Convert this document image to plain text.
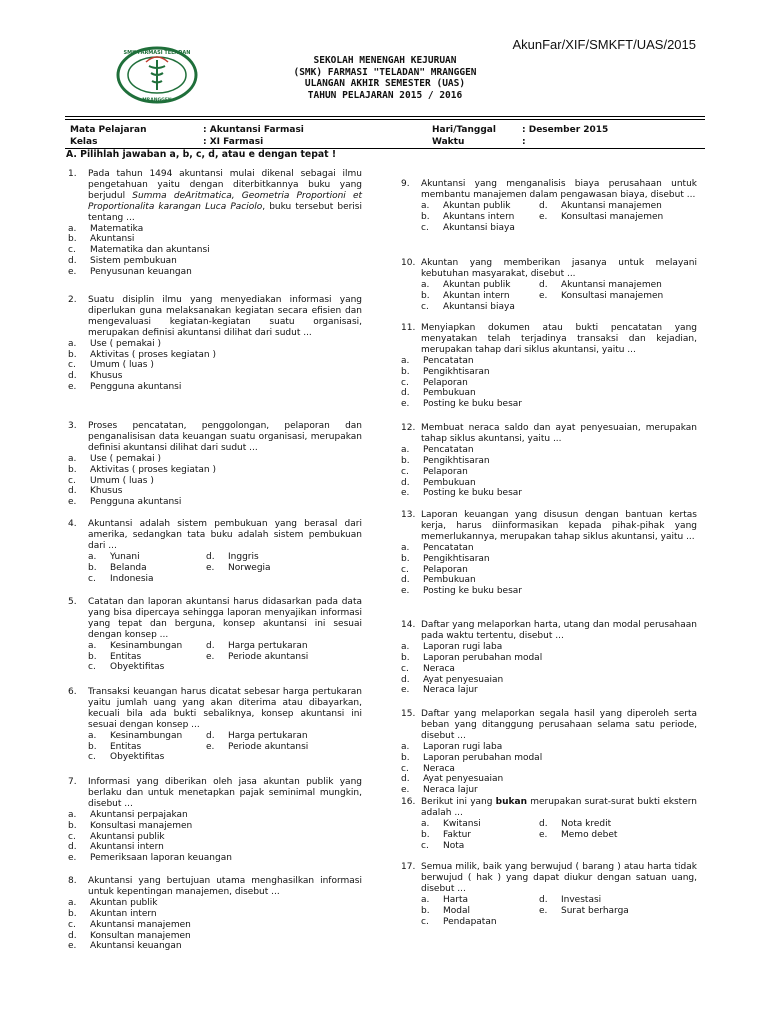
AkunFar/XIF/SMKFT/UAS/2015
SMK FARMASI TELADAN
MRANGGEN
SEKOLAH MENENGAH KEJURUAN
(SMK) FARMASI "TELADAN" MRANGGEN
ULANGAN AKHIR SEMESTER (UAS)
TAHUN PELAJARAN 2015 / 2016
Mata Pelajaran	: Akuntansi Farmasi
Kelas	: XI Farmasi
Hari/Tanggal	: Desember 2015
Waktu	:
A. Pilihlah jawaban a, b, c, d, atau e dengan tepat !
1.	Pada tahun 1494 akuntansi mulai dikenal sebagai ilmu pengetahuan yaitu dengan diterbitkannya buku yang berjudul Summa deAritmatica, Geometria Proportioni et Proportionalita karangan Luca Paciolo, buku tersebut berisi tentang ...
a.	Matematika
b.	Akuntansi
c.	Matematika dan akuntansi
d.	Sistem pembukuan
e.	Penyusunan keuangan
2.	Suatu disiplin ilmu yang menyediakan informasi yang diperlukan guna melaksanakan kegiatan secara efisien dan mengevaluasi kegiatan-kegiatan suatu organisasi, merupakan definisi akuntansi dilihat dari sudut ...
a.	Use ( pemakai )
b.	Aktivitas ( proses kegiatan )
c.	Umum ( luas )
d.	Khusus
e.	Pengguna akuntansi
3.	Proses pencatatan, penggolongan, pelaporan dan penganalisisan data keuangan suatu organisasi, merupakan definisi akuntansi dilihat dari sudut ...
a.	Use ( pemakai )
b.	Aktivitas ( proses kegiatan )
c.	Umum ( luas )
d.	Khusus
e.	Pengguna akuntansi
4.	Akuntansi adalah sistem pembukuan yang berasal dari amerika, sedangkan tata buku adalah sistem pembukuan dari ...
a.	Yunani	d.	Inggris
b.	Belanda	e.	Norwegia
c.	Indonesia
5.	Catatan dan laporan akuntansi harus didasarkan pada data yang bisa dipercaya sehingga laporan menyajikan informasi yang tepat dan berguna, konsep akuntansi ini sesuai dengan konsep ...
a.	Kesinambungan	d.	Harga pertukaran
b.	Entitas	e.	Periode akuntansi
c.	Obyektifitas
6.	Transaksi keuangan harus dicatat sebesar harga pertukaran yaitu jumlah uang yang akan diterima atau dibayarkan, kecuali bila ada bukti sebaliknya, konsep akuntansi ini sesuai dengan konsep ...
a.	Kesinambungan	d.	Harga pertukaran
b.	Entitas	e.	Periode akuntansi
c.	Obyektifitas
7.	Informasi yang diberikan oleh jasa akuntan publik yang berlaku dan untuk menetapkan pajak seminimal mungkin, disebut ...
a.	Akuntansi perpajakan
b.	Konsultasi manajemen
c.	Akuntansi publik
d.	Akuntansi intern
e.	Pemeriksaan laporan keuangan
8.	Akuntansi yang bertujuan utama menghasilkan informasi untuk kepentingan manajemen, disebut ...
a.	Akuntan publik
b.	Akuntan intern
c.	Akuntansi manajemen
d.	Konsultan manajemen
e.	Akuntansi keuangan
9.	Akuntansi yang menganalisis biaya perusahaan untuk membantu manajemen dalam pengawasan biaya, disebut ...
a.	Akuntan publik	d.	Akuntansi manajemen
b.	Akuntans intern	e.	Konsultasi manajemen
c.	Akuntansi biaya
10. Akuntan yang memberikan jasanya untuk melayani kebutuhan masyarakat, disebut ...
a.	Akuntan publik	d.	Akuntansi manajemen
b.	Akuntan intern	e.	Konsultasi manajemen
c.	Akuntansi biaya
11. Menyiapkan dokumen atau bukti pencatatan yang menyatakan telah terjadinya transaksi dan kejadian, merupakan tahap dari siklus akuntansi, yaitu ...
a.	Pencatatan
b.	Pengikhtisaran
c.	Pelaporan
d.	Pembukuan
e.	Posting ke buku besar
12. Membuat neraca saldo dan ayat penyesuaian, merupakan tahap siklus akuntansi, yaitu ...
a.	Pencatatan
b.	Pengikhtisaran
c.	Pelaporan
d.	Pembukuan
e.	Posting ke buku besar
13. Laporan keuangan yang disusun dengan bantuan kertas kerja, harus diinformasikan kepada pihak-pihak yang memerlukannya, merupakan tahap siklus akuntansi, yaitu ...
a.	Pencatatan
b.	Pengikhtisaran
c.	Pelaporan
d.	Pembukuan
e.	Posting ke buku besar
14. Daftar yang melaporkan harta, utang dan modal perusahaan pada waktu tertentu, disebut ...
a.	Laporan rugi laba
b.	Laporan perubahan modal
c.	Neraca
d.	Ayat penyesuaian
e.	Neraca lajur
15. Daftar yang melaporkan segala hasil yang diperoleh serta beban yang ditanggung perusahaan selama satu periode, disebut ...
a.	Laporan rugi laba
b.	Laporan perubahan modal
c.	Neraca
d.	Ayat penyesuaian
e.	Neraca lajur
16. Berikut ini yang bukan merupakan surat-surat bukti ekstern adalah ...
a.	Kwitansi	d.	Nota kredit
b.	Faktur	e.	Memo debet
c.	Nota
17. Semua milik, baik yang berwujud ( barang ) atau harta tidak berwujud ( hak ) yang dapat diukur dengan satuan uang, disebut ...
a.	Harta	d.	Investasi
b.	Modal	e.	Surat berharga
c.	Pendapatan
